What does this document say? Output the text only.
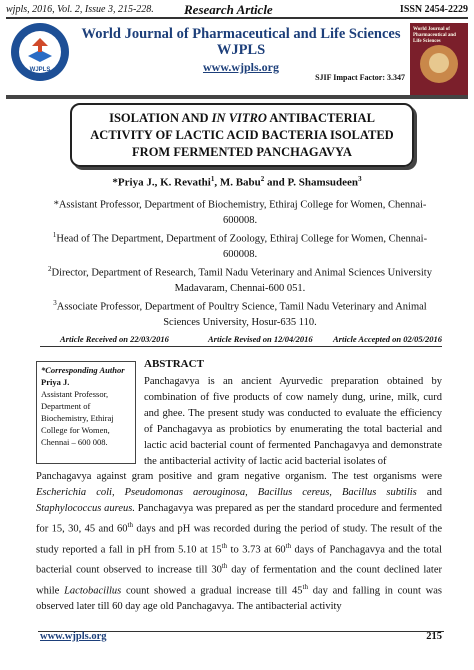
wjpls, 2016, Vol. 2, Issue 3, 215-228. Research Article	ISSN 2454-2229
WJPLS
World Journal of Pharmaceutical and Life Sciences
WJPLS
www.wjpls.org
SJIF Impact Factor: 3.347
World Journal of Pharmaceutical and Life Sciences
ISOLATION AND IN VITRO ANTIBACTERIAL ACTIVITY OF LACTIC ACID BACTERIA ISOLATED FROM FERMENTED PANCHAGAVYA
*Priya J., K. Revathi$^1$, M. Babu$^2$ and P. Shamsudeen$^3$
*Assistant Professor, Department of Biochemistry, Ethiraj College for Women, Chennai-600008.
$^1$Head of The Department, Department of Zoology, Ethiraj College for Women, Chennai-600008.
$^2$Director, Department of Research, Tamil Nadu Veterinary and Animal Sciences University Madavaram, Chennai-600 051.
$^3$Associate Professor, Department of Poultry Science, Tamil Nadu Veterinary and Animal Sciences University, Hosur-635 110.
Article Received on 22/03/2016	Article Revised on 12/04/2016 Article Accepted on 02/05/2016
*Corresponding Author
Priya J.
Assistant Professor,
Department of
Biochemistry, Ethiraj
College for Women,
Chennai – 600 008.
ABSTRACT
Panchagavya is an ancient Ayurvedic preparation obtained by combination of five products of cow namely dung, urine, milk, curd and ghee. The present study was conducted to evaluate the efficiency of Panchagavya as probiotics by enumerating the total bacterial and lactic acid bacterial count of fermented Panchagavya and demonstrate the antibacterial activity of lactic acid bacterial isolates of
Panchagavya against gram positive and gram negative organism. The test organisms were Escherichia coli, Pseudomonas aerouginosa, Bacillus cereus, Bacillus subtilis and Staphylococcus aureus. Panchagavya was prepared as per the standard procedure and fermented for 15, 30, 45 and 60th days and pH was recorded during the period of study. The result of the study reported a fall in pH from 5.10 at 15th to 3.73 at 60th days of Panchagavya and the total bacterial count observed to increase till 30th day of fermentation and the count declined later while Lactobacillus count showed a gradual increase till 45th day and falling in count was observed later till 60 day age old Panchagavya. The antibacterial activity
www.wjpls.org	215
